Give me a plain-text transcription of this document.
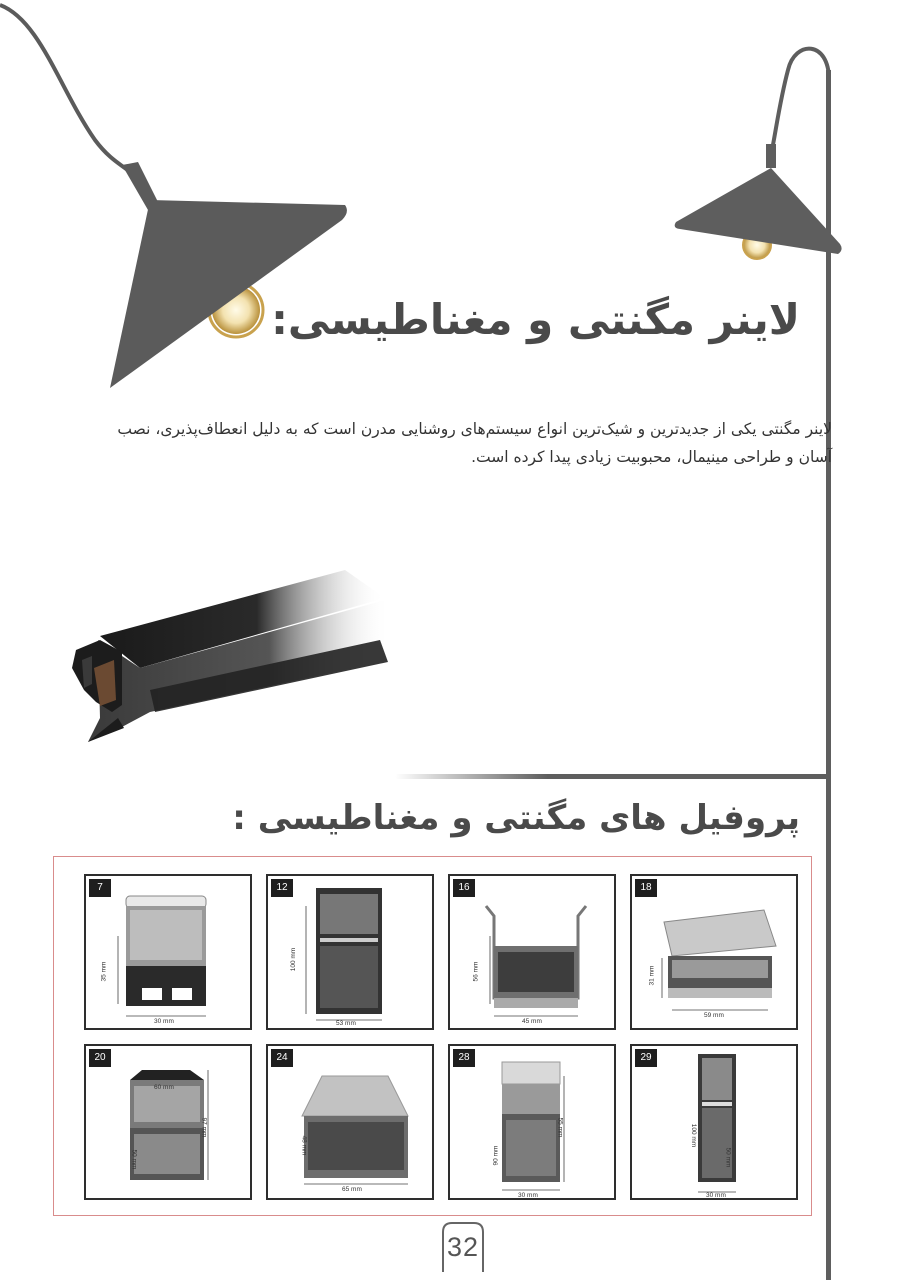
لاینر مگنتی و مغناطیسی:
لاینر مگنتی یکی از جدیدترین و شیک‌ترین انواع سیستم‌های روشنایی مدرن است که به دلیل انعطاف‌پذیری، نصب آسان و طراحی مینیمال، محبوبیت زیادی پیدا کرده است.
پروفیل های مگنتی و مغناطیسی :
7
35 mm
30 mm
12
100 mm
53 mm
16
56 mm
45 mm
18
31 mm
59 mm
20
60 mm
97 mm
50 mm
24
48 mm
65 mm
28
90 mm
55 mm
30 mm
29
100 mm
50 mm
30 mm
32
